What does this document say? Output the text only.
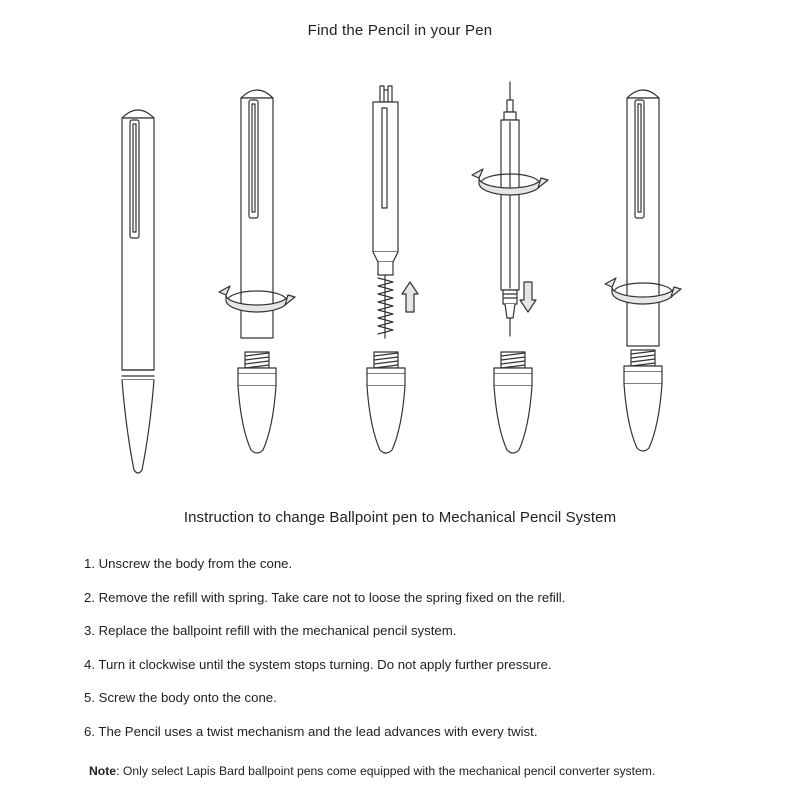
Find the Pencil in your Pen
Instruction to change Ballpoint pen to Mechanical Pencil System
1. Unscrew the body from the cone.
2. Remove the refill with spring. Take care not to loose the spring fixed on the refill.
3. Replace the ballpoint refill with the mechanical pencil system.
4. Turn it clockwise until the system stops turning. Do not apply further pressure.
5. Screw the body onto the cone.
6. The Pencil uses a twist mechanism and the lead advances with every twist.
Note: Only select Lapis Bard ballpoint pens come equipped with the mechanical pencil converter system.
